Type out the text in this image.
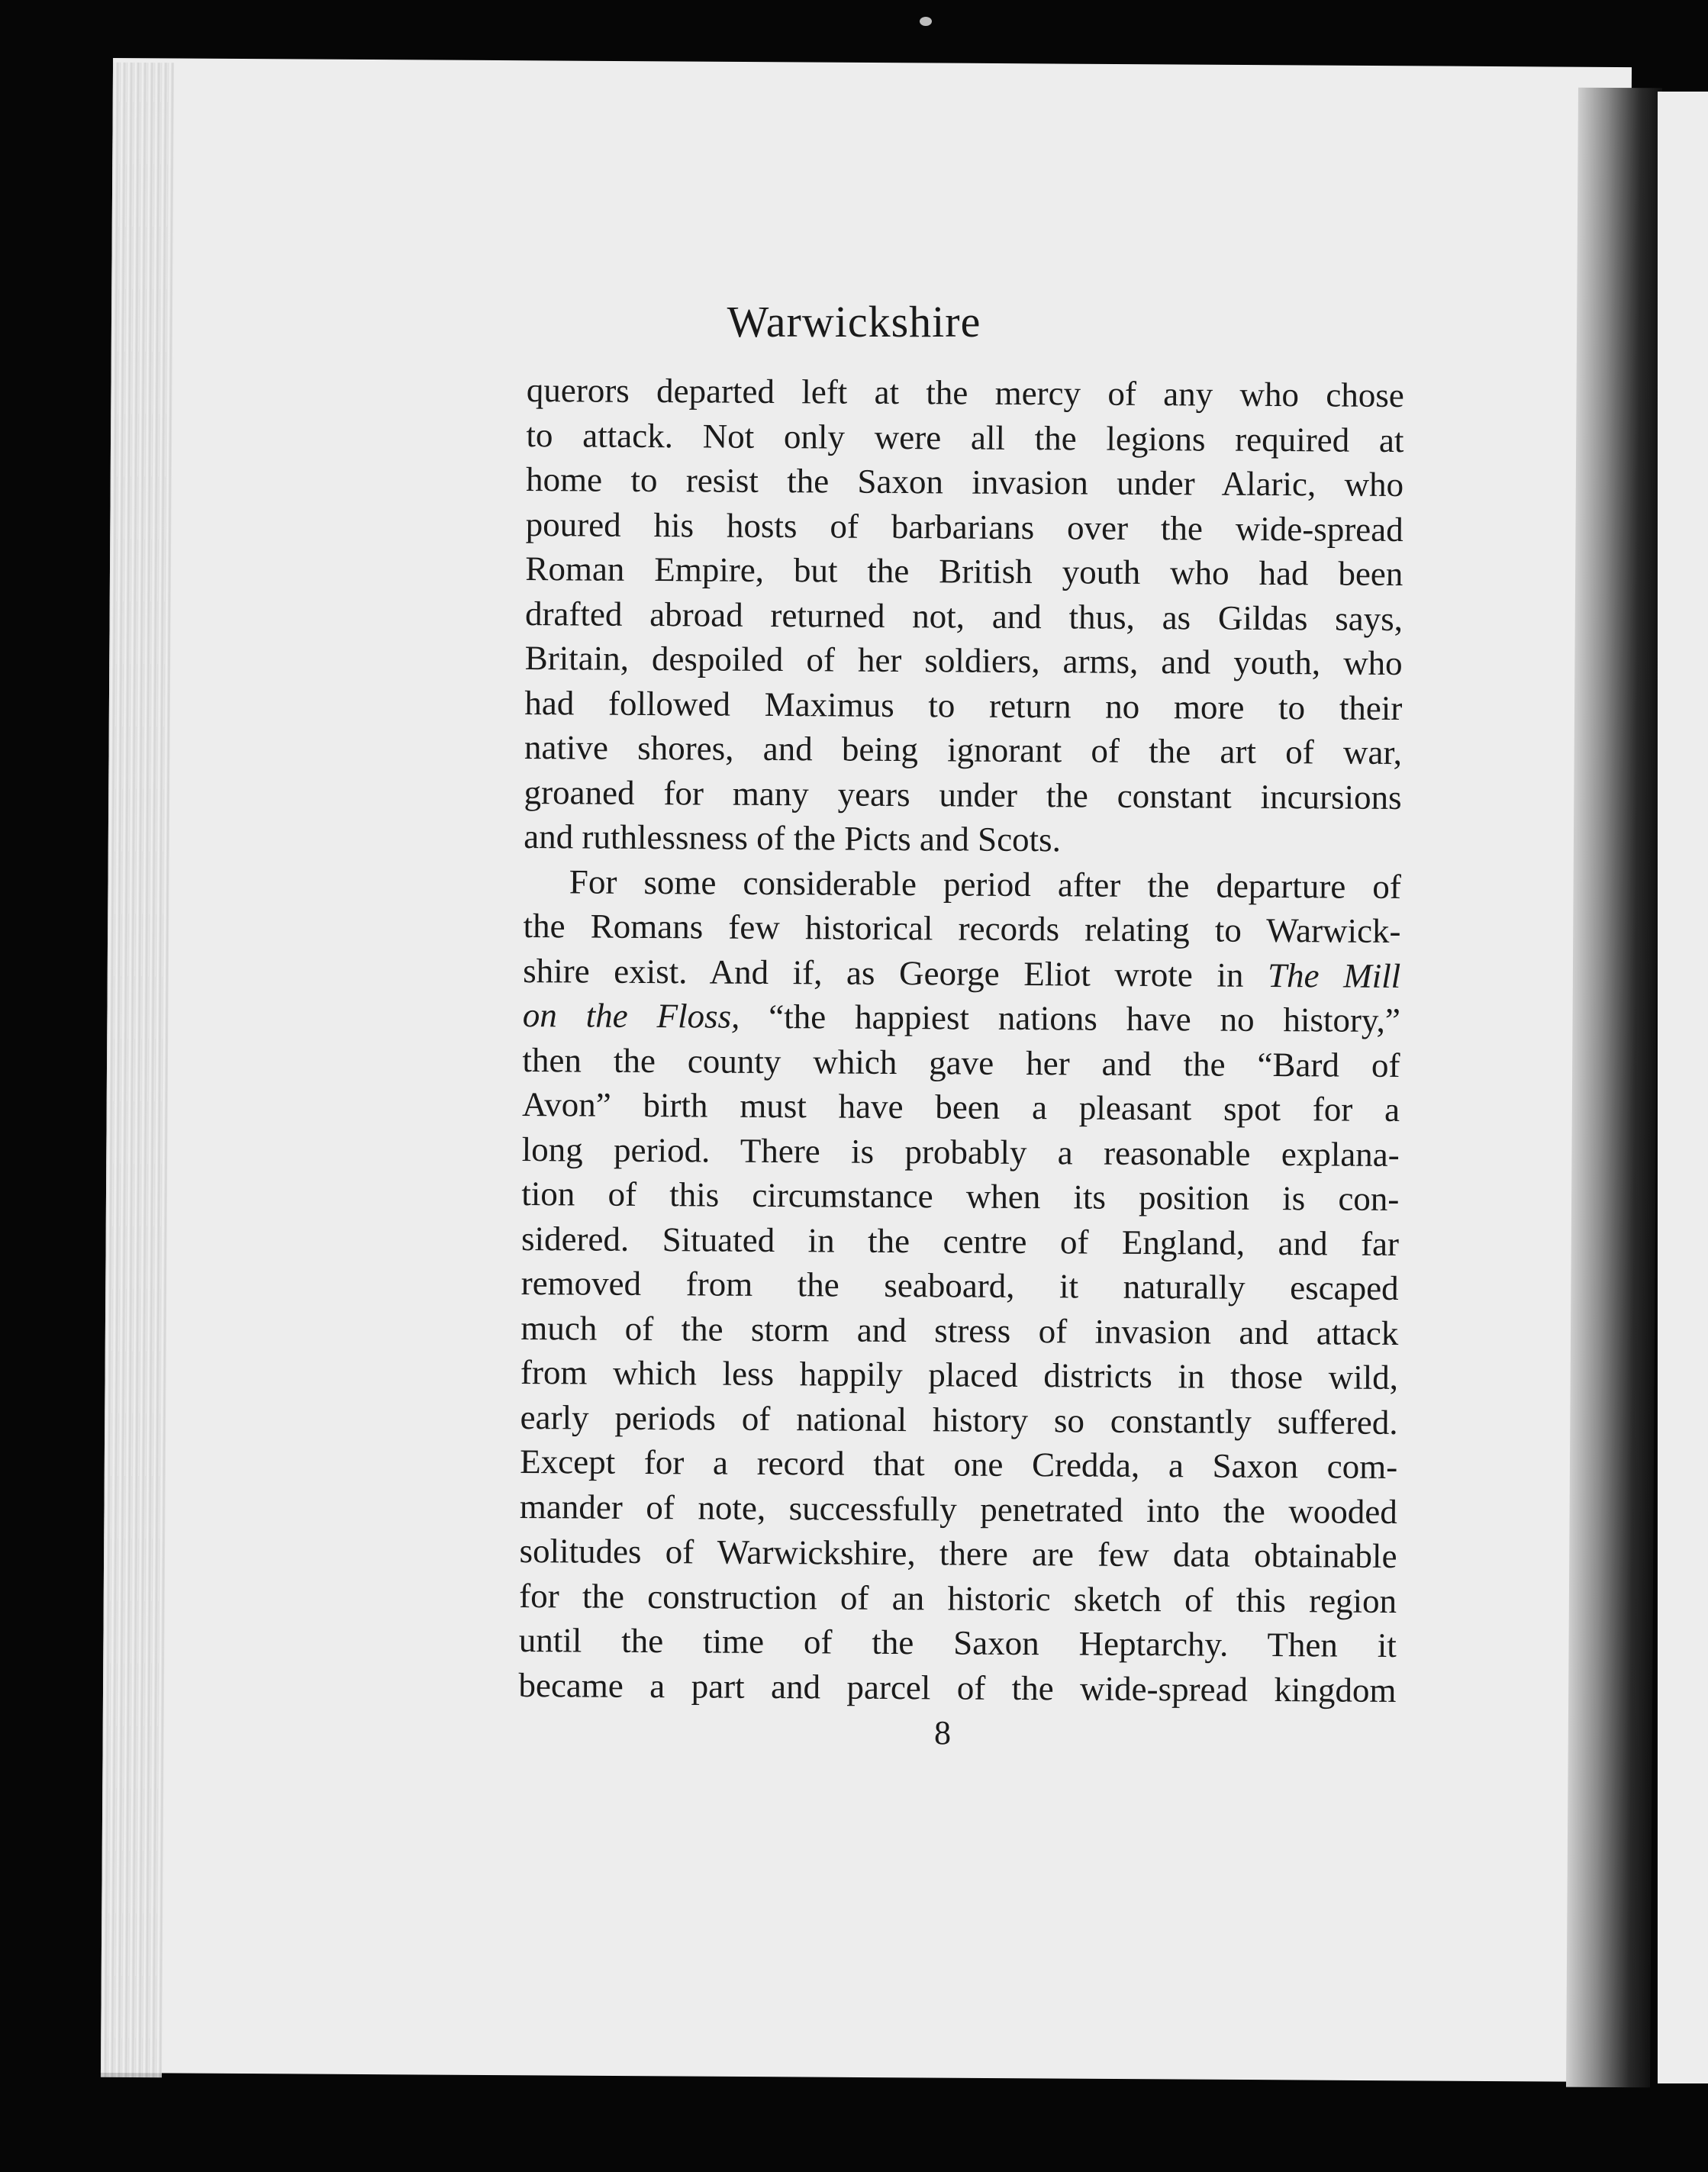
Warwickshire
querors departed left at the mercy of any who chose
to attack. Not only were all the legions required at
home to resist the Saxon invasion under Alaric, who
poured his hosts of barbarians over the wide-spread
Roman Empire, but the British youth who had been
drafted abroad returned not, and thus, as Gildas says,
Britain, despoiled of her soldiers, arms, and youth, who
had followed Maximus to return no more to their
native shores, and being ignorant of the art of war,
groaned for many years under the constant incursions
and ruthlessness of the Picts and Scots.
For some considerable period after the departure of
the Romans few historical records relating to Warwick-
shire exist. And if, as George Eliot wrote in The Mill
on the Floss, “the happiest nations have no history,”
then the county which gave her and the “Bard of
Avon” birth must have been a pleasant spot for a
long period. There is probably a reasonable explana-
tion of this circumstance when its position is con-
sidered. Situated in the centre of England, and far
removed from the seaboard, it naturally escaped
much of the storm and stress of invasion and attack
from which less happily placed districts in those wild,
early periods of national history so constantly suffered.
Except for a record that one Credda, a Saxon com-
mander of note, successfully penetrated into the wooded
solitudes of Warwickshire, there are few data obtainable
for the construction of an historic sketch of this region
until the time of the Saxon Heptarchy. Then it
became a part and parcel of the wide-spread kingdom
8
